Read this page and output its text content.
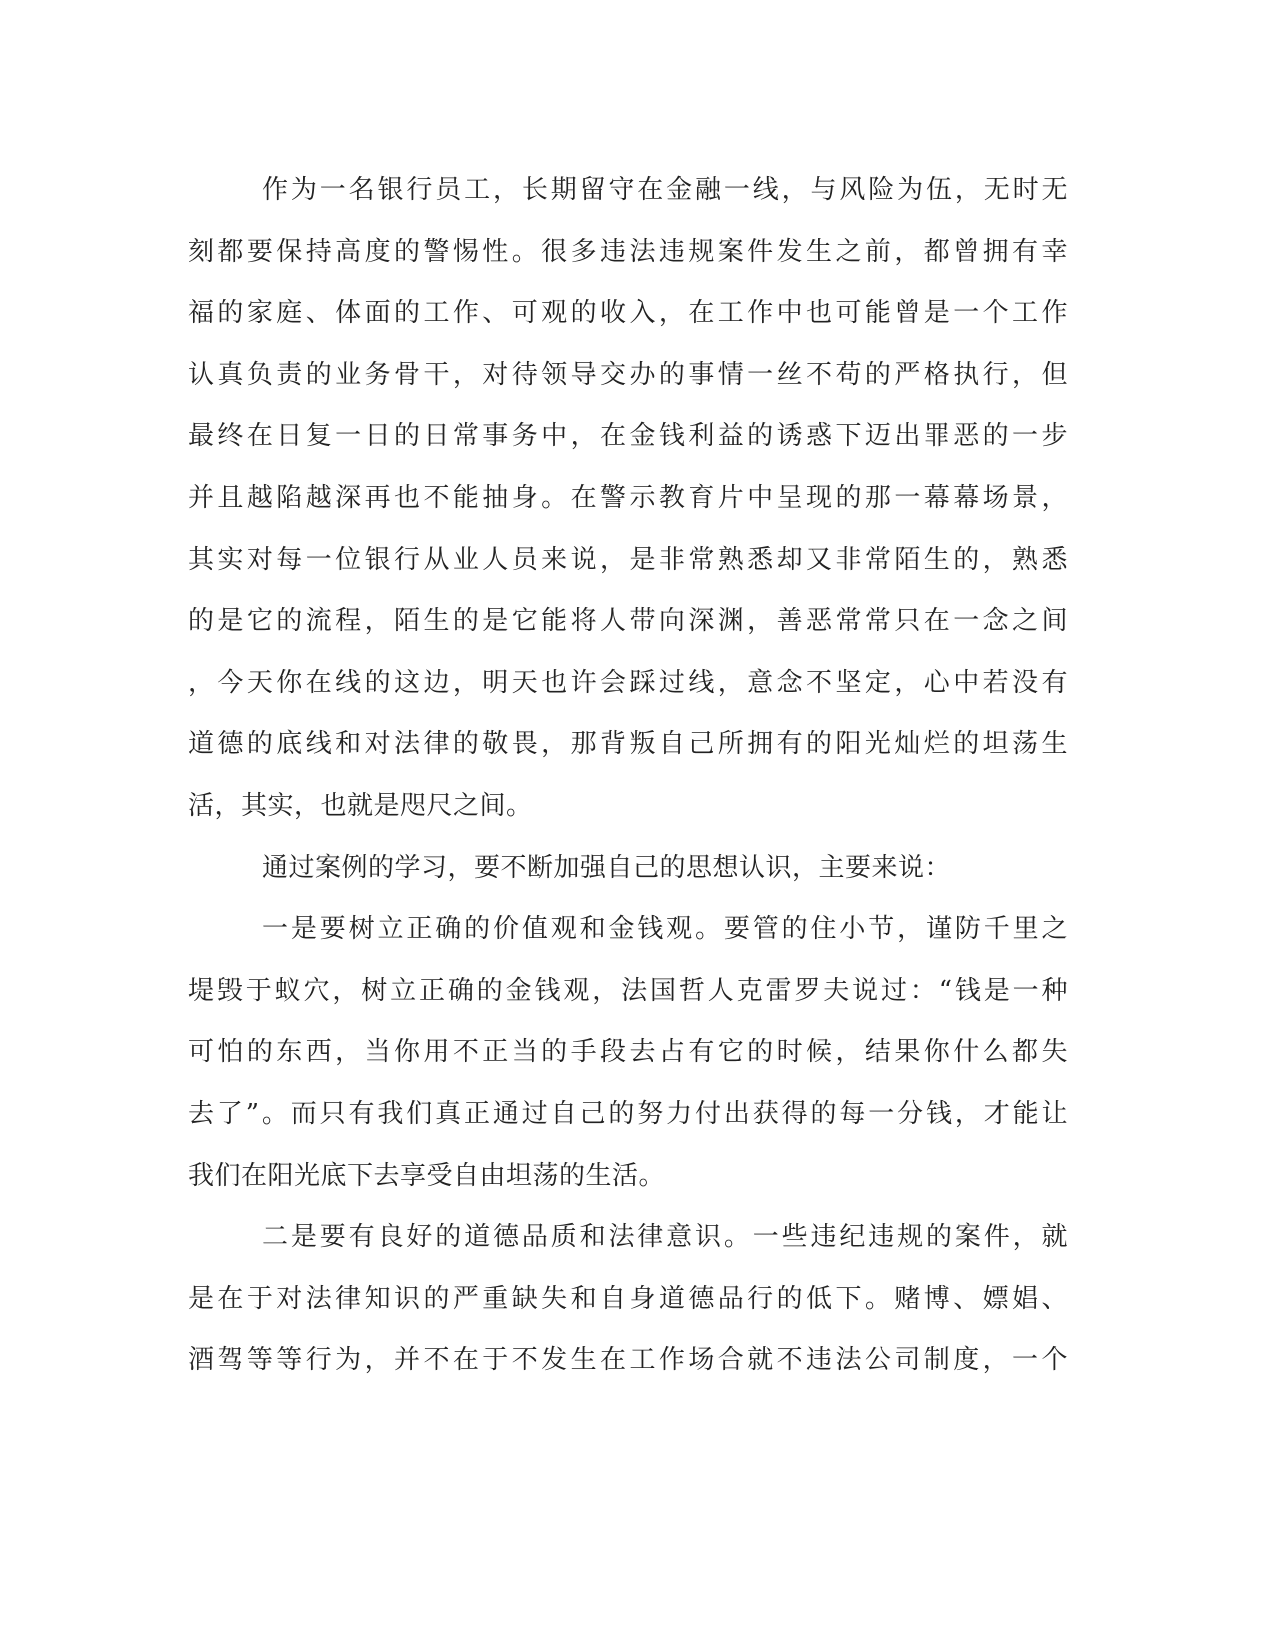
作为一名银行员工，长期留守在金融一线，与风险为伍，无时无
刻都要保持高度的警惕性。很多违法违规案件发生之前，都曾拥有幸
福的家庭、体面的工作、可观的收入，在工作中也可能曾是一个工作
认真负责的业务骨干，对待领导交办的事情一丝不苟的严格执行，但
最终在日复一日的日常事务中，在金钱利益的诱惑下迈出罪恶的一步
并且越陷越深再也不能抽身。在警示教育片中呈现的那一幕幕场景，
其实对每一位银行从业人员来说，是非常熟悉却又非常陌生的，熟悉
的是它的流程，陌生的是它能将人带向深渊，善恶常常只在一念之间
，今天你在线的这边，明天也许会踩过线，意念不坚定，心中若没有
道德的底线和对法律的敬畏，那背叛自己所拥有的阳光灿烂的坦荡生
活，其实，也就是咫尺之间。
通过案例的学习，要不断加强自己的思想认识，主要来说：
一是要树立正确的价值观和金钱观。要管的住小节，谨防千里之
堤毁于蚁穴，树立正确的金钱观，法国哲人克雷罗夫说过：“钱是一种
可怕的东西，当你用不正当的手段去占有它的时候，结果你什么都失
去了”。而只有我们真正通过自己的努力付出获得的每一分钱，才能让
我们在阳光底下去享受自由坦荡的生活。
二是要有良好的道德品质和法律意识。一些违纪违规的案件，就
是在于对法律知识的严重缺失和自身道德品行的低下。赌博、嫖娼、
酒驾等等行为，并不在于不发生在工作场合就不违法公司制度，一个
